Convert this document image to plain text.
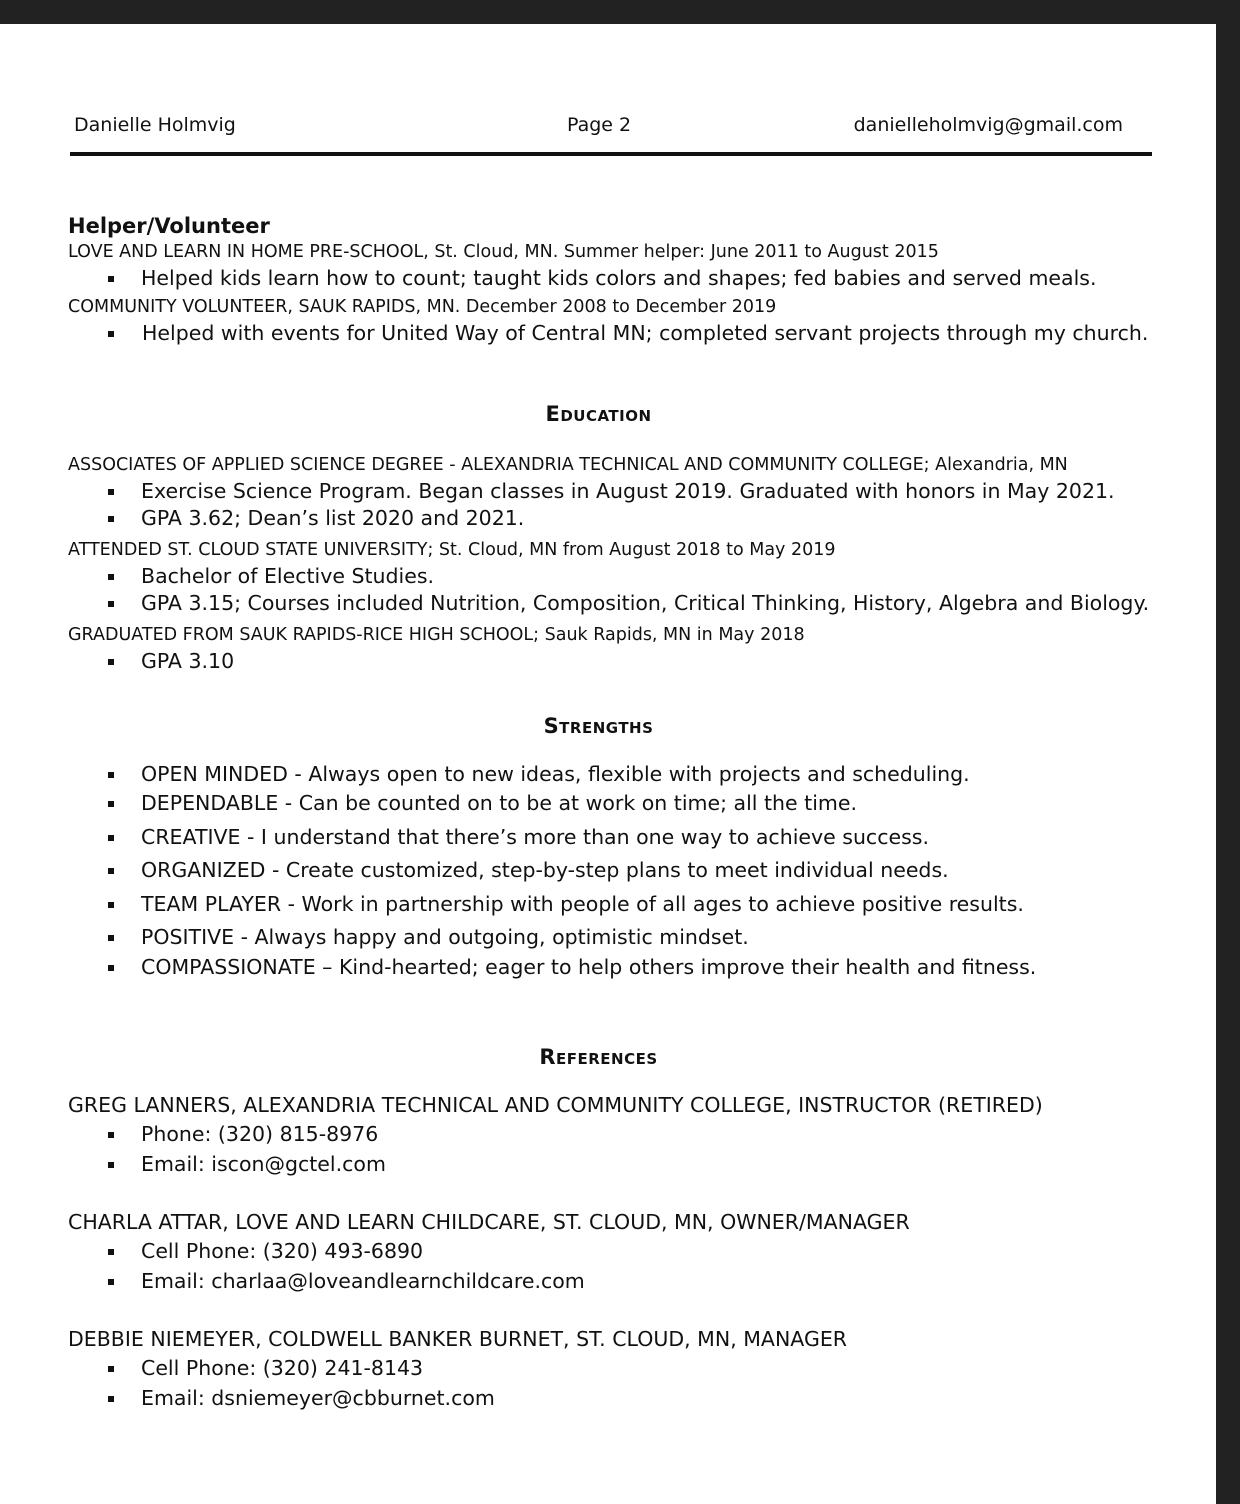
Danielle Holmvig	Page 2	danielleholmvig@gmail.com
Helper/Volunteer
LOVE AND LEARN IN HOME PRE-SCHOOL, St. Cloud, MN. Summer helper: June 2011 to August 2015
Helped kids learn how to count; taught kids colors and shapes; fed babies and served meals.
COMMUNITY VOLUNTEER, SAUK RAPIDS, MN. December 2008 to December 2019
Helped with events for United Way of Central MN; completed servant projects through my church.
Education
ASSOCIATES OF APPLIED SCIENCE DEGREE - ALEXANDRIA TECHNICAL AND COMMUNITY COLLEGE; Alexandria, MN
Exercise Science Program. Began classes in August 2019. Graduated with honors in May 2021.
GPA 3.62; Dean’s list 2020 and 2021.
ATTENDED ST. CLOUD STATE UNIVERSITY; St. Cloud, MN from August 2018 to May 2019
Bachelor of Elective Studies.
GPA 3.15; Courses included Nutrition, Composition, Critical Thinking, History, Algebra and Biology.
GRADUATED FROM SAUK RAPIDS-RICE HIGH SCHOOL; Sauk Rapids, MN in May 2018
GPA 3.10
Strengths
OPEN MINDED - Always open to new ideas, flexible with projects and scheduling.
DEPENDABLE - Can be counted on to be at work on time; all the time.
CREATIVE - I understand that there’s more than one way to achieve success.
ORGANIZED - Create customized, step-by-step plans to meet individual needs.
TEAM PLAYER - Work in partnership with people of all ages to achieve positive results.
POSITIVE - Always happy and outgoing, optimistic mindset.
COMPASSIONATE – Kind-hearted; eager to help others improve their health and fitness.
References
GREG LANNERS, ALEXANDRIA TECHNICAL AND COMMUNITY COLLEGE, INSTRUCTOR (RETIRED)
Phone: (320) 815-8976
Email: iscon@gctel.com
CHARLA ATTAR, LOVE AND LEARN CHILDCARE, ST. CLOUD, MN, OWNER/MANAGER
Cell Phone: (320) 493-6890
Email: charlaa@loveandlearnchildcare.com
DEBBIE NIEMEYER, COLDWELL BANKER BURNET, ST. CLOUD, MN, MANAGER
Cell Phone: (320) 241-8143
Email: dsniemeyer@cbburnet.com
